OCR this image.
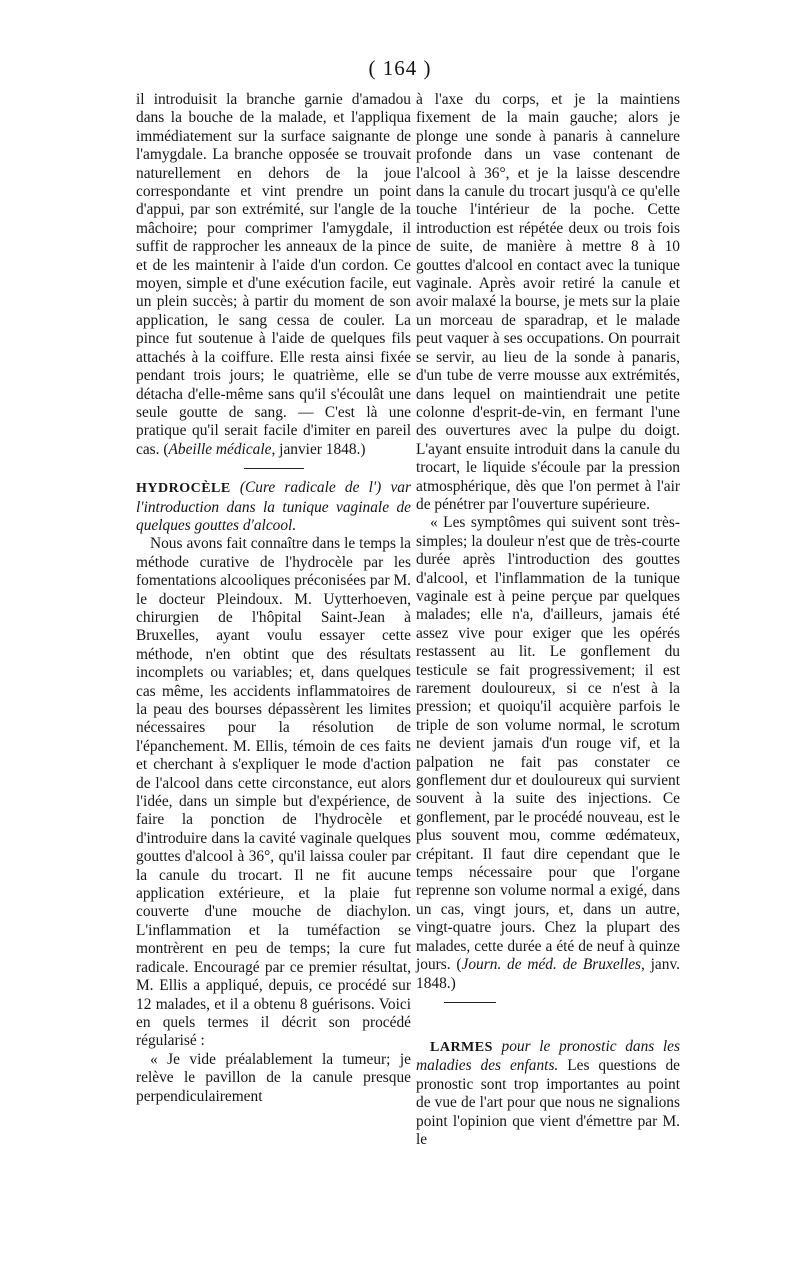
( 164 )

il introduisit la branche garnie d'amadou dans la bouche de la malade, et l'appliqua immédiatement sur la surface saignante de l'amygdale. La branche opposée se trouvait naturellement en dehors de la joue correspondante et vint prendre un point d'appui, par son extrémité, sur l'angle de la mâchoire; pour comprimer l'amygdale, il suffit de rapprocher les anneaux de la pince et de les maintenir à l'aide d'un cordon. Ce moyen, simple et d'une exécution facile, eut un plein succès; à partir du moment de son application, le sang cessa de couler. La pince fut soutenue à l'aide de quelques fils attachés à la coiffure. Elle resta ainsi fixée pendant trois jours; le quatrième, elle se détacha d'elle-même sans qu'il s'écoulât une seule goutte de sang. — C'est là une pratique qu'il serait facile d'imiter en pareil cas. (Abeille médicale, janvier 1848.)

HYDROCÈLE (Cure radicale de l') var l'introduction dans la tunique vaginale de quelques gouttes d'alcool.

Nous avons fait connaître dans le temps la méthode curative de l'hydrocèle par les fomentations alcooliques préconisées par M. le docteur Pleindoux. M. Uytterhoeven, chirurgien de l'hôpital Saint-Jean à Bruxelles, ayant voulu essayer cette méthode, n'en obtint que des résultats incomplets ou variables; et, dans quelques cas même, les accidents inflammatoires de la peau des bourses dépassèrent les limites nécessaires pour la résolution de l'épanchement. M. Ellis, témoin de ces faits et cherchant à s'expliquer le mode d'action de l'alcool dans cette circonstance, eut alors l'idée, dans un simple but d'expérience, de faire la ponction de l'hydrocèle et d'introduire dans la cavité vaginale quelques gouttes d'alcool à 36°, qu'il laissa couler par la canule du trocart. Il ne fit aucune application extérieure, et la plaie fut couverte d'une mouche de diachylon. L'inflammation et la tuméfaction se montrèrent en peu de temps; la cure fut radicale. Encouragé par ce premier résultat, M. Ellis a appliqué, depuis, ce procédé sur 12 malades, et il a obtenu 8 guérisons. Voici en quels termes il décrit son procédé régularisé :

« Je vide préalablement la tumeur; je relève le pavillon de la canule presque perpendiculairement

à l'axe du corps, et je la maintiens fixement de la main gauche; alors je plonge une sonde à panaris à cannelure profonde dans un vase contenant de l'alcool à 36°, et je la laisse descendre dans la canule du trocart jusqu'à ce qu'elle touche l'intérieur de la poche. Cette introduction est répétée deux ou trois fois de suite, de manière à mettre 8 à 10 gouttes d'alcool en contact avec la tunique vaginale. Après avoir retiré la canule et avoir malaxé la bourse, je mets sur la plaie un morceau de sparadrap, et le malade peut vaquer à ses occupations. On pourrait se servir, au lieu de la sonde à panaris, d'un tube de verre mousse aux extrémités, dans lequel on maintiendrait une petite colonne d'esprit-de-vin, en fermant l'une des ouvertures avec la pulpe du doigt. L'ayant ensuite introduit dans la canule du trocart, le liquide s'écoule par la pression atmosphérique, dès que l'on permet à l'air de pénétrer par l'ouverture supérieure.

« Les symptômes qui suivent sont très-simples; la douleur n'est que de très-courte durée après l'introduction des gouttes d'alcool, et l'inflammation de la tunique vaginale est à peine perçue par quelques malades; elle n'a, d'ailleurs, jamais été assez vive pour exiger que les opérés restassent au lit. Le gonflement du testicule se fait progressivement; il est rarement douloureux, si ce n'est à la pression; et quoiqu'il acquière parfois le triple de son volume normal, le scrotum ne devient jamais d'un rouge vif, et la palpation ne fait pas constater ce gonflement dur et douloureux qui survient souvent à la suite des injections. Ce gonflement, par le procédé nouveau, est le plus souvent mou, comme œdémateux, crépitant. Il faut dire cependant que le temps nécessaire pour que l'organe reprenne son volume normal a exigé, dans un cas, vingt jours, et, dans un autre, vingt-quatre jours. Chez la plupart des malades, cette durée a été de neuf à quinze jours. (Journ. de méd. de Bruxelles, janv. 1848.)

LARMES pour le pronostic dans les maladies des enfants. Les questions de pronostic sont trop importantes au point de vue de l'art pour que nous ne signalions point l'opinion que vient d'émettre par M. le
